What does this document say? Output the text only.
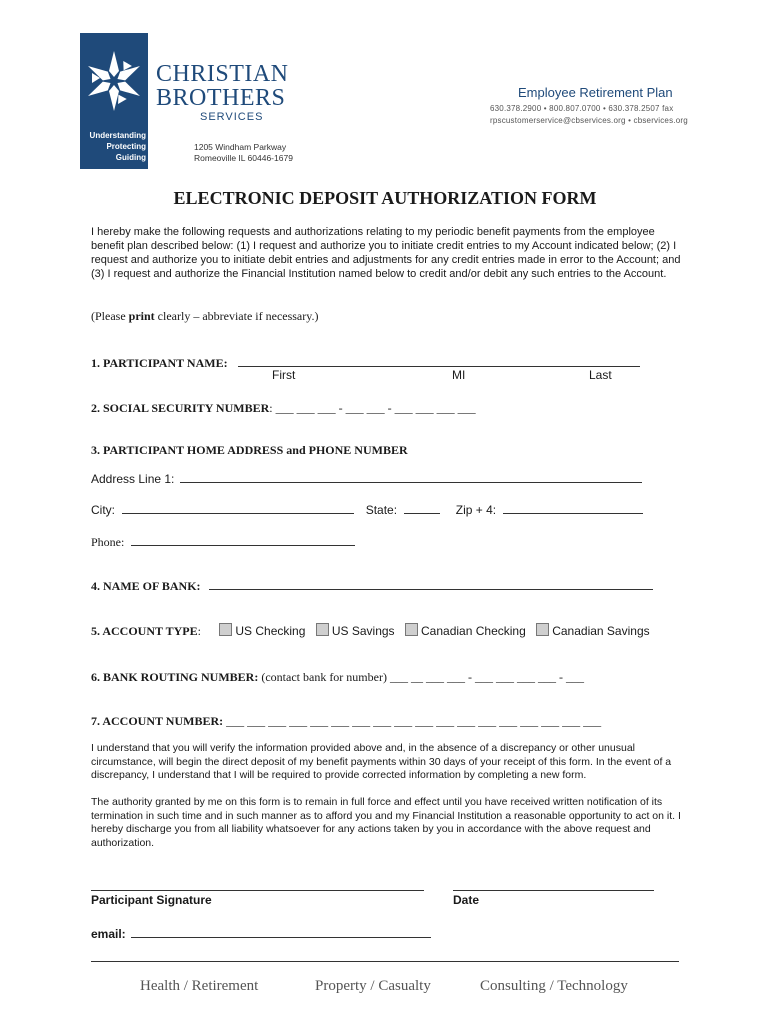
Understanding
Protecting
Guiding
CHRISTIAN
BROTHERS
SERVICES
1205 Windham Parkway
Romeoville IL 60446-1679
Employee Retirement Plan
630.378.2900 • 800.807.0700 • 630.378.2507 fax
rpscustomerservice@cbservices.org • cbservices.org
ELECTRONIC DEPOSIT AUTHORIZATION FORM
I hereby make the following requests and authorizations relating to my periodic benefit payments from the employee benefit plan described below: (1) I request and authorize you to initiate credit entries to my Account indicated below; (2) I request and authorize you to initiate debit entries and adjustments for any credit entries made in error to the Account; and (3) I request and authorize the Financial Institution named below to credit and/or debit any such entries to the Account.
(Please print clearly – abbreviate if necessary.)
1. PARTICIPANT NAME:
First	MI	Last
2. SOCIAL SECURITY NUMBER: ___ ___ ___ - ___ ___ - ___ ___ ___ ___
3. PARTICIPANT HOME ADDRESS and PHONE NUMBER
Address Line 1:
City:	State:	Zip + 4:
Phone:
4. NAME OF BANK:
5. ACCOUNT TYPE:	US Checking US Savings Canadian Checking Canadian Savings
6. BANK ROUTING NUMBER: (contact bank for number) ___ __ ___ ___ - ___ ___ ___ ___ - ___
7. ACCOUNT NUMBER: ___ ___ ___ ___ ___ ___ ___ ___ ___ ___ ___ ___ ___ ___ ___ ___ ___ ___
I understand that you will verify the information provided above and, in the absence of a discrepancy or other unusual circumstance, will begin the direct deposit of my benefit payments within 30 days of your receipt of this form. In the event of a discrepancy, I understand that I will be required to provide corrected information by completing a new form.
The authority granted by me on this form is to remain in full force and effect until you have received written notification of its termination in such time and in such manner as to afford you and my Financial Institution a reasonable opportunity to act on it. I hereby discharge you from all liability whatsoever for any actions taken by you in accordance with the above request and authorization.
Participant Signature	Date
email:
Health / Retirement	Property / Casualty	Consulting / Technology
